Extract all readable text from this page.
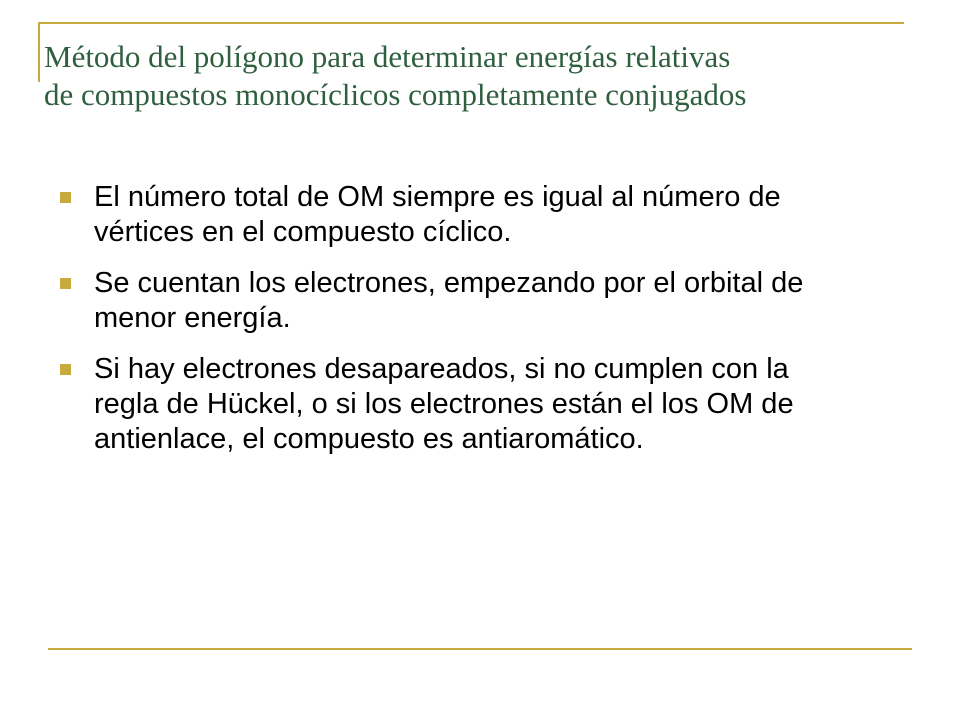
Método del polígono para determinar energías relativas
de compuestos monocíclicos completamente conjugados
El número total de OM siempre es igual al número de vértices en el compuesto cíclico.
Se cuentan los electrones, empezando por el orbital de menor energía.
Si hay electrones desapareados, si no cumplen con la regla de Hückel, o si los electrones están el los OM de antienlace, el compuesto es antiaromático.
